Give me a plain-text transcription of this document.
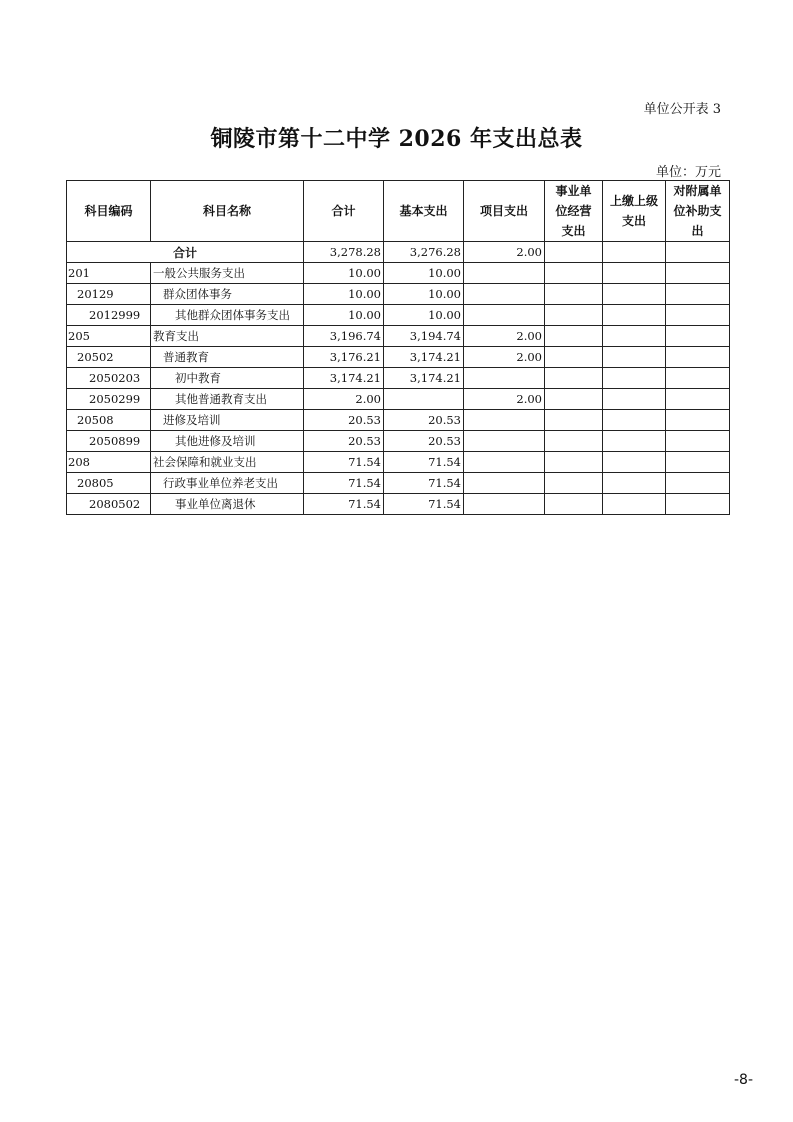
单位公开表 3
铜陵市第十二中学 2026 年支出总表
单位：万元
科目编码	科目名称	合计	基本支出	项目支出	事业单位经营支出	上缴上级支出	对附属单位补助支出
合计		3,278.28	3,276.28	2.00			
201	一般公共服务支出	10.00	10.00				
20129	群众团体事务	10.00	10.00				
2012999	其他群众团体事务支出	10.00	10.00				
205	教育支出	3,196.74	3,194.74	2.00			
20502	普通教育	3,176.21	3,174.21	2.00			
2050203	初中教育	3,174.21	3,174.21				
2050299	其他普通教育支出	2.00		2.00			
20508	进修及培训	20.53	20.53				
2050899	其他进修及培训	20.53	20.53				
208	社会保障和就业支出	71.54	71.54				
20805	行政事业单位养老支出	71.54	71.54				
2080502	事业单位离退休	71.54	71.54				
-8-
